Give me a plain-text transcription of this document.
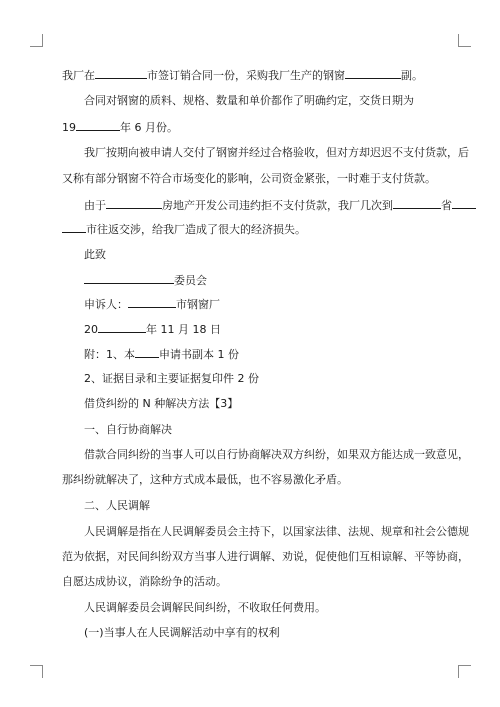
我厂在	市签订销合同一份，采购我厂生产的钢窗	副。
合同对钢窗的质料、规格、数量和单价都作了明确约定，交货日期为
19	年 6 月份。
我厂按期向被申请人交付了钢窗并经过合格验收，但对方却迟迟不支付货款，后
又称有部分钢窗不符合市场变化的影响，公司资金紧张，一时难于支付货款。
由于	房地产开发公司违约拒不支付货款，我厂几次到	省
市往返交涉，给我厂造成了很大的经济损失。
此致
委员会
申诉人：	市钢窗厂
20	年 11 月 18 日
附：1、本 申请书副本 1 份
2、证据目录和主要证据复印件 2 份
借贷纠纷的 N 种解决方法【3】
一、自行协商解决
借款合同纠纷的当事人可以自行协商解决双方纠纷，如果双方能达成一致意见，
那纠纷就解决了，这种方式成本最低，也不容易激化矛盾。
二、人民调解
人民调解是指在人民调解委员会主持下，以国家法律、法规、规章和社会公德规
范为依据，对民间纠纷双方当事人进行调解、劝说，促使他们互相谅解、平等协商，
自愿达成协议，消除纷争的活动。
人民调解委员会调解民间纠纷，不收取任何费用。
(一)当事人在人民调解活动中享有的权利
